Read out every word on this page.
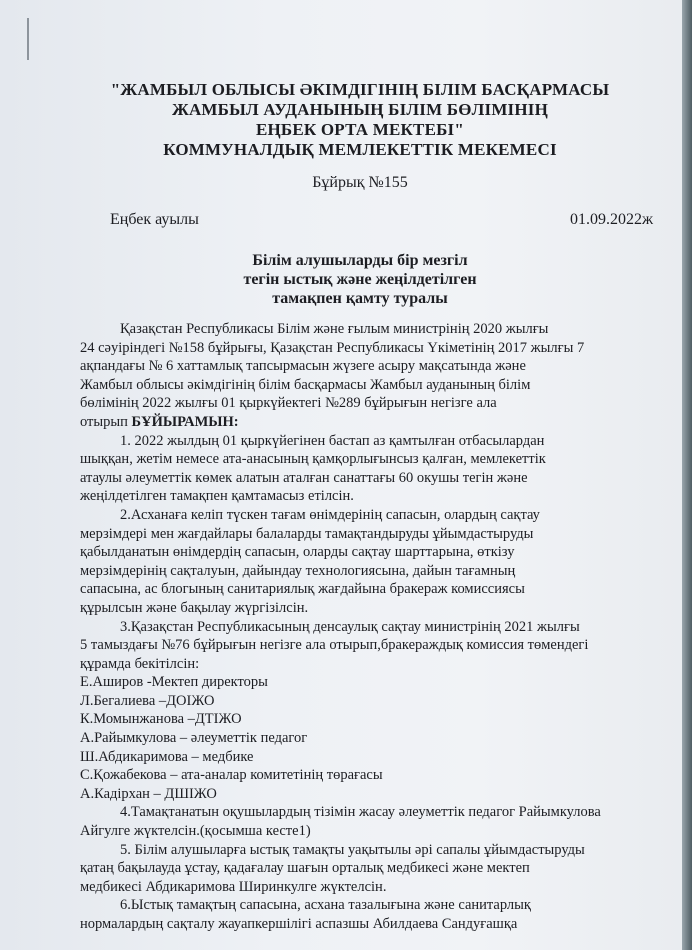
"ЖАМБЫЛ ОБЛЫСЫ ӘКІМДІГІНІҢ БІЛІМ БАСҚАРМАСЫ
ЖАМБЫЛ АУДАНЫНЫҢ БІЛІМ БӨЛІМІНІҢ
ЕҢБЕК ОРТА МЕКТЕБІ"
КОММУНАЛДЫҚ МЕМЛЕКЕТТІК МЕКЕМЕСІ
Бұйрық №155
Еңбек ауылы	01.09.2022ж
Білім алушыларды бір мезгіл
тегін ыстық және жеңілдетілген
тамақпен қамту туралы

Қазақстан Республикасы Білім және ғылым министрінің 2020 жылғы

24 сәуіріндегі №158 бұйрығы, Қазақстан Республикасы Үкіметінің 2017 жылғы 7

ақпандағы № 6 хаттамлық тапсырмасын жүзеге асыру мақсатында және

Жамбыл облысы әкімдігінің білім басқармасы Жамбыл ауданының білім

бөлімінің 2022 жылғы 01 қыркүйектегі №289 бұйрығын негізге ала

отырып БҰЙЫРАМЫН:

1. 2022 жылдың 01 қыркүйегінен бастап аз қамтылған отбасылардан

шыққан, жетім немесе ата-анасының қамқорлығынсыз қалған, мемлекеттік

атаулы әлеуметтік көмек алатын аталған санаттағы 60 окушы тегін және

жеңілдетілген тамақпен қамтамасыз етілсін.

2.Асханаға келіп түскен тағам өнімдерінің сапасын, олардың сақтау

мерзімдері мен жағдайлары балаларды тамақтандыруды ұйымдастыруды

қабылданатын өнімдердің сапасын, оларды сақтау шарттарына, өткізу

мерзімдерінің сақталуын, дайындау технологиясына, дайын тағамның

сапасына, ас блогының санитариялық жағдайына бракераж комиссиясы

құрылсын және бақылау жүргізілсін.

3.Қазақстан Республикасының денсаулық сақтау министрінің 2021 жылғы

5 тамыздағы №76 бұйрығын негізге ала отырып,бракераждық комиссия төмендегі

құрамда бекітілсін:

Е.Аширов -Мектеп директоры

Л.Бегалиева –ДОІЖО

К.Момынжанова –ДТІЖО

А.Райымкулова – әлеуметтік педагог

Ш.Абдикаримова – медбике

С.Қожабекова – ата-аналар комитетінің төрағасы

А.Кадірхан – ДШІЖО

4.Тамақтанатын оқушылардың тізімін жасау әлеуметтік педагог Райымкулова

Айгулге жүктелсін.(қосымша кесте1)

5. Білім алушыларға ыстық тамақты уақытылы әрі сапалы ұйымдастыруды

қатаң бақылауда ұстау, қадағалау шағын орталық медбикесі және мектеп

медбикесі Абдикаримова Ширинкулге жүктелсін.

6.Ыстық тамақтың сапасына, асхана тазалығына және санитарлық

нормалардың сақталу жауапкершілігі аспазшы Абилдаева Сандуғашқа
